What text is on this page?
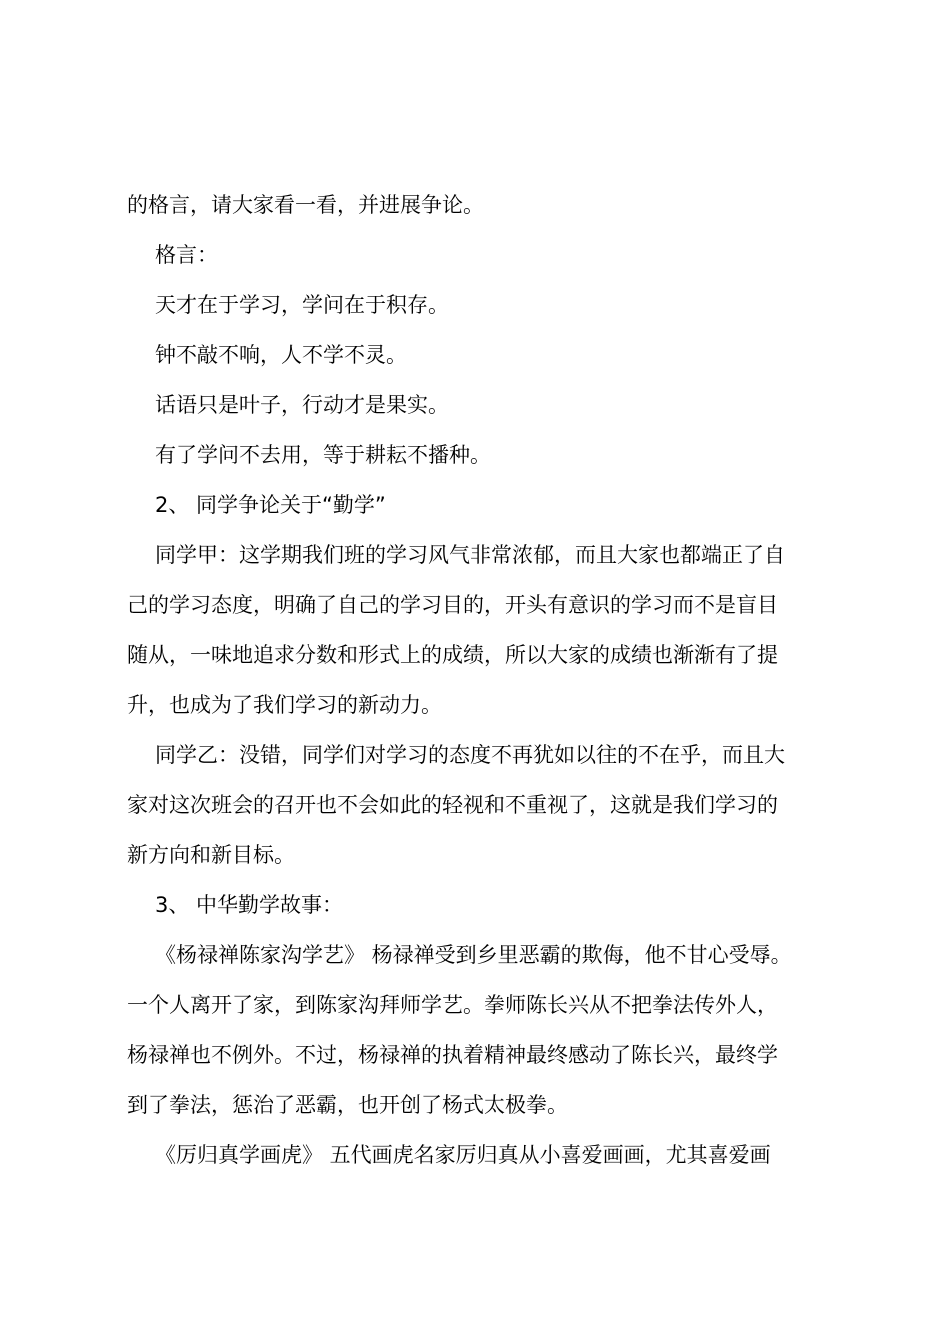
的格言，请大家看一看，并进展争论。
格言：
天才在于学习，学问在于积存。
钟不敲不响，人不学不灵。
话语只是叶子，行动才是果实。
有了学问不去用，等于耕耘不播种。
2、 同学争论关于“勤学”
同学甲：这学期我们班的学习风气非常浓郁，而且大家也都端正了自
己的学习态度，明确了自己的学习目的，开头有意识的学习而不是盲目
随从，一味地追求分数和形式上的成绩，所以大家的成绩也渐渐有了提
升，也成为了我们学习的新动力。
同学乙：没错，同学们对学习的态度不再犹如以往的不在乎，而且大
家对这次班会的召开也不会如此的轻视和不重视了，这就是我们学习的
新方向和新目标。
3、 中华勤学故事：
《杨禄禅陈家沟学艺》 杨禄禅受到乡里恶霸的欺侮，他不甘心受辱。
一个人离开了家，到陈家沟拜师学艺。拳师陈长兴从不把拳法传外人，
杨禄禅也不例外。不过，杨禄禅的执着精神最终感动了陈长兴，最终学
到了拳法，惩治了恶霸，也开创了杨式太极拳。
《厉归真学画虎》 五代画虎名家厉归真从小喜爱画画，尤其喜爱画
